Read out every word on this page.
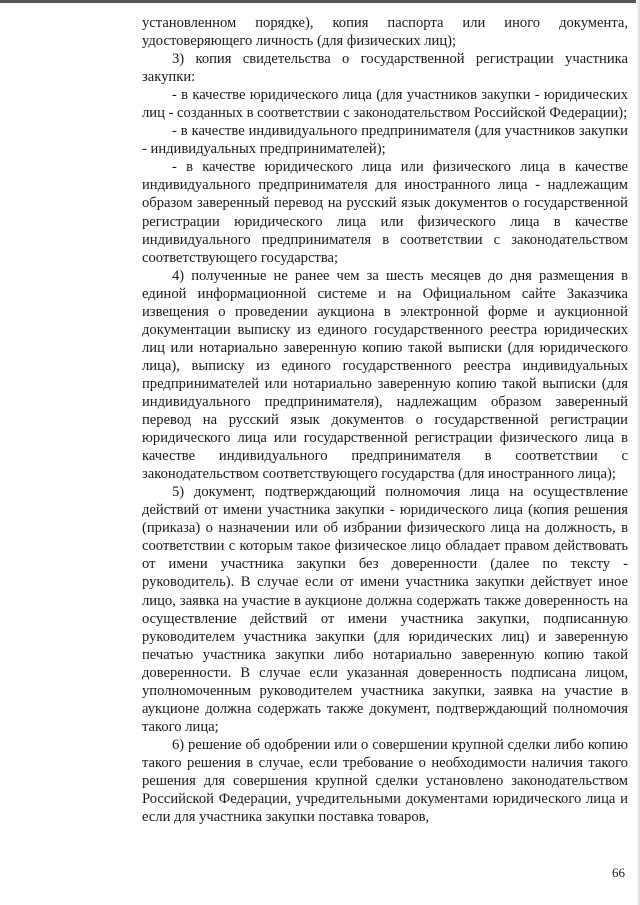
установленном порядке), копия паспорта или иного документа, удостоверяющего личность (для физических лиц);

3) копия свидетельства о государственной регистрации участника закупки:

- в качестве юридического лица (для участников закупки - юридических лиц - созданных в соответствии с законодательством Российской Федерации);

- в качестве индивидуального предпринимателя (для участников закупки - индивидуальных предпринимателей);

- в качестве юридического лица или физического лица в качестве индивидуального предпринимателя для иностранного лица - надлежащим образом заверенный перевод на русский язык документов о государственной регистрации юридического лица или физического лица в качестве индивидуального предпринимателя в соответствии с законодательством соответствующего государства;

4) полученные не ранее чем за шесть месяцев до дня размещения в единой информационной системе и на Официальном сайте Заказчика извещения о проведении аукциона в электронной форме и аукционной документации выписку из единого государственного реестра юридических лиц или нотариально заверенную копию такой выписки (для юридического лица), выписку из единого государственного реестра индивидуальных предпринимателей или нотариально заверенную копию такой выписки (для индивидуального предпринимателя), надлежащим образом заверенный перевод на русский язык документов о государственной регистрации юридического лица или государственной регистрации физического лица в качестве индивидуального предпринимателя в соответствии с законодательством соответствующего государства (для иностранного лица);

5) документ, подтверждающий полномочия лица на осуществление действий от имени участника закупки - юридического лица (копия решения (приказа) о назначении или об избрании физического лица на должность, в соответствии с которым такое физическое лицо обладает правом действовать от имени участника закупки без доверенности (далее по тексту - руководитель). В случае если от имени участника закупки действует иное лицо, заявка на участие в аукционе должна содержать также доверенность на осуществление действий от имени участника закупки, подписанную руководителем участника закупки (для юридических лиц) и заверенную печатью участника закупки либо нотариально заверенную копию такой доверенности. В случае если указанная доверенность подписана лицом, уполномоченным руководителем участника закупки, заявка на участие в аукционе должна содержать также документ, подтверждающий полномочия такого лица;

6) решение об одобрении или о совершении крупной сделки либо копию такого решения в случае, если требование о необходимости наличия такого решения для совершения крупной сделки установлено законодательством Российской Федерации, учредительными документами юридического лица и если для участника закупки поставка товаров,

66
